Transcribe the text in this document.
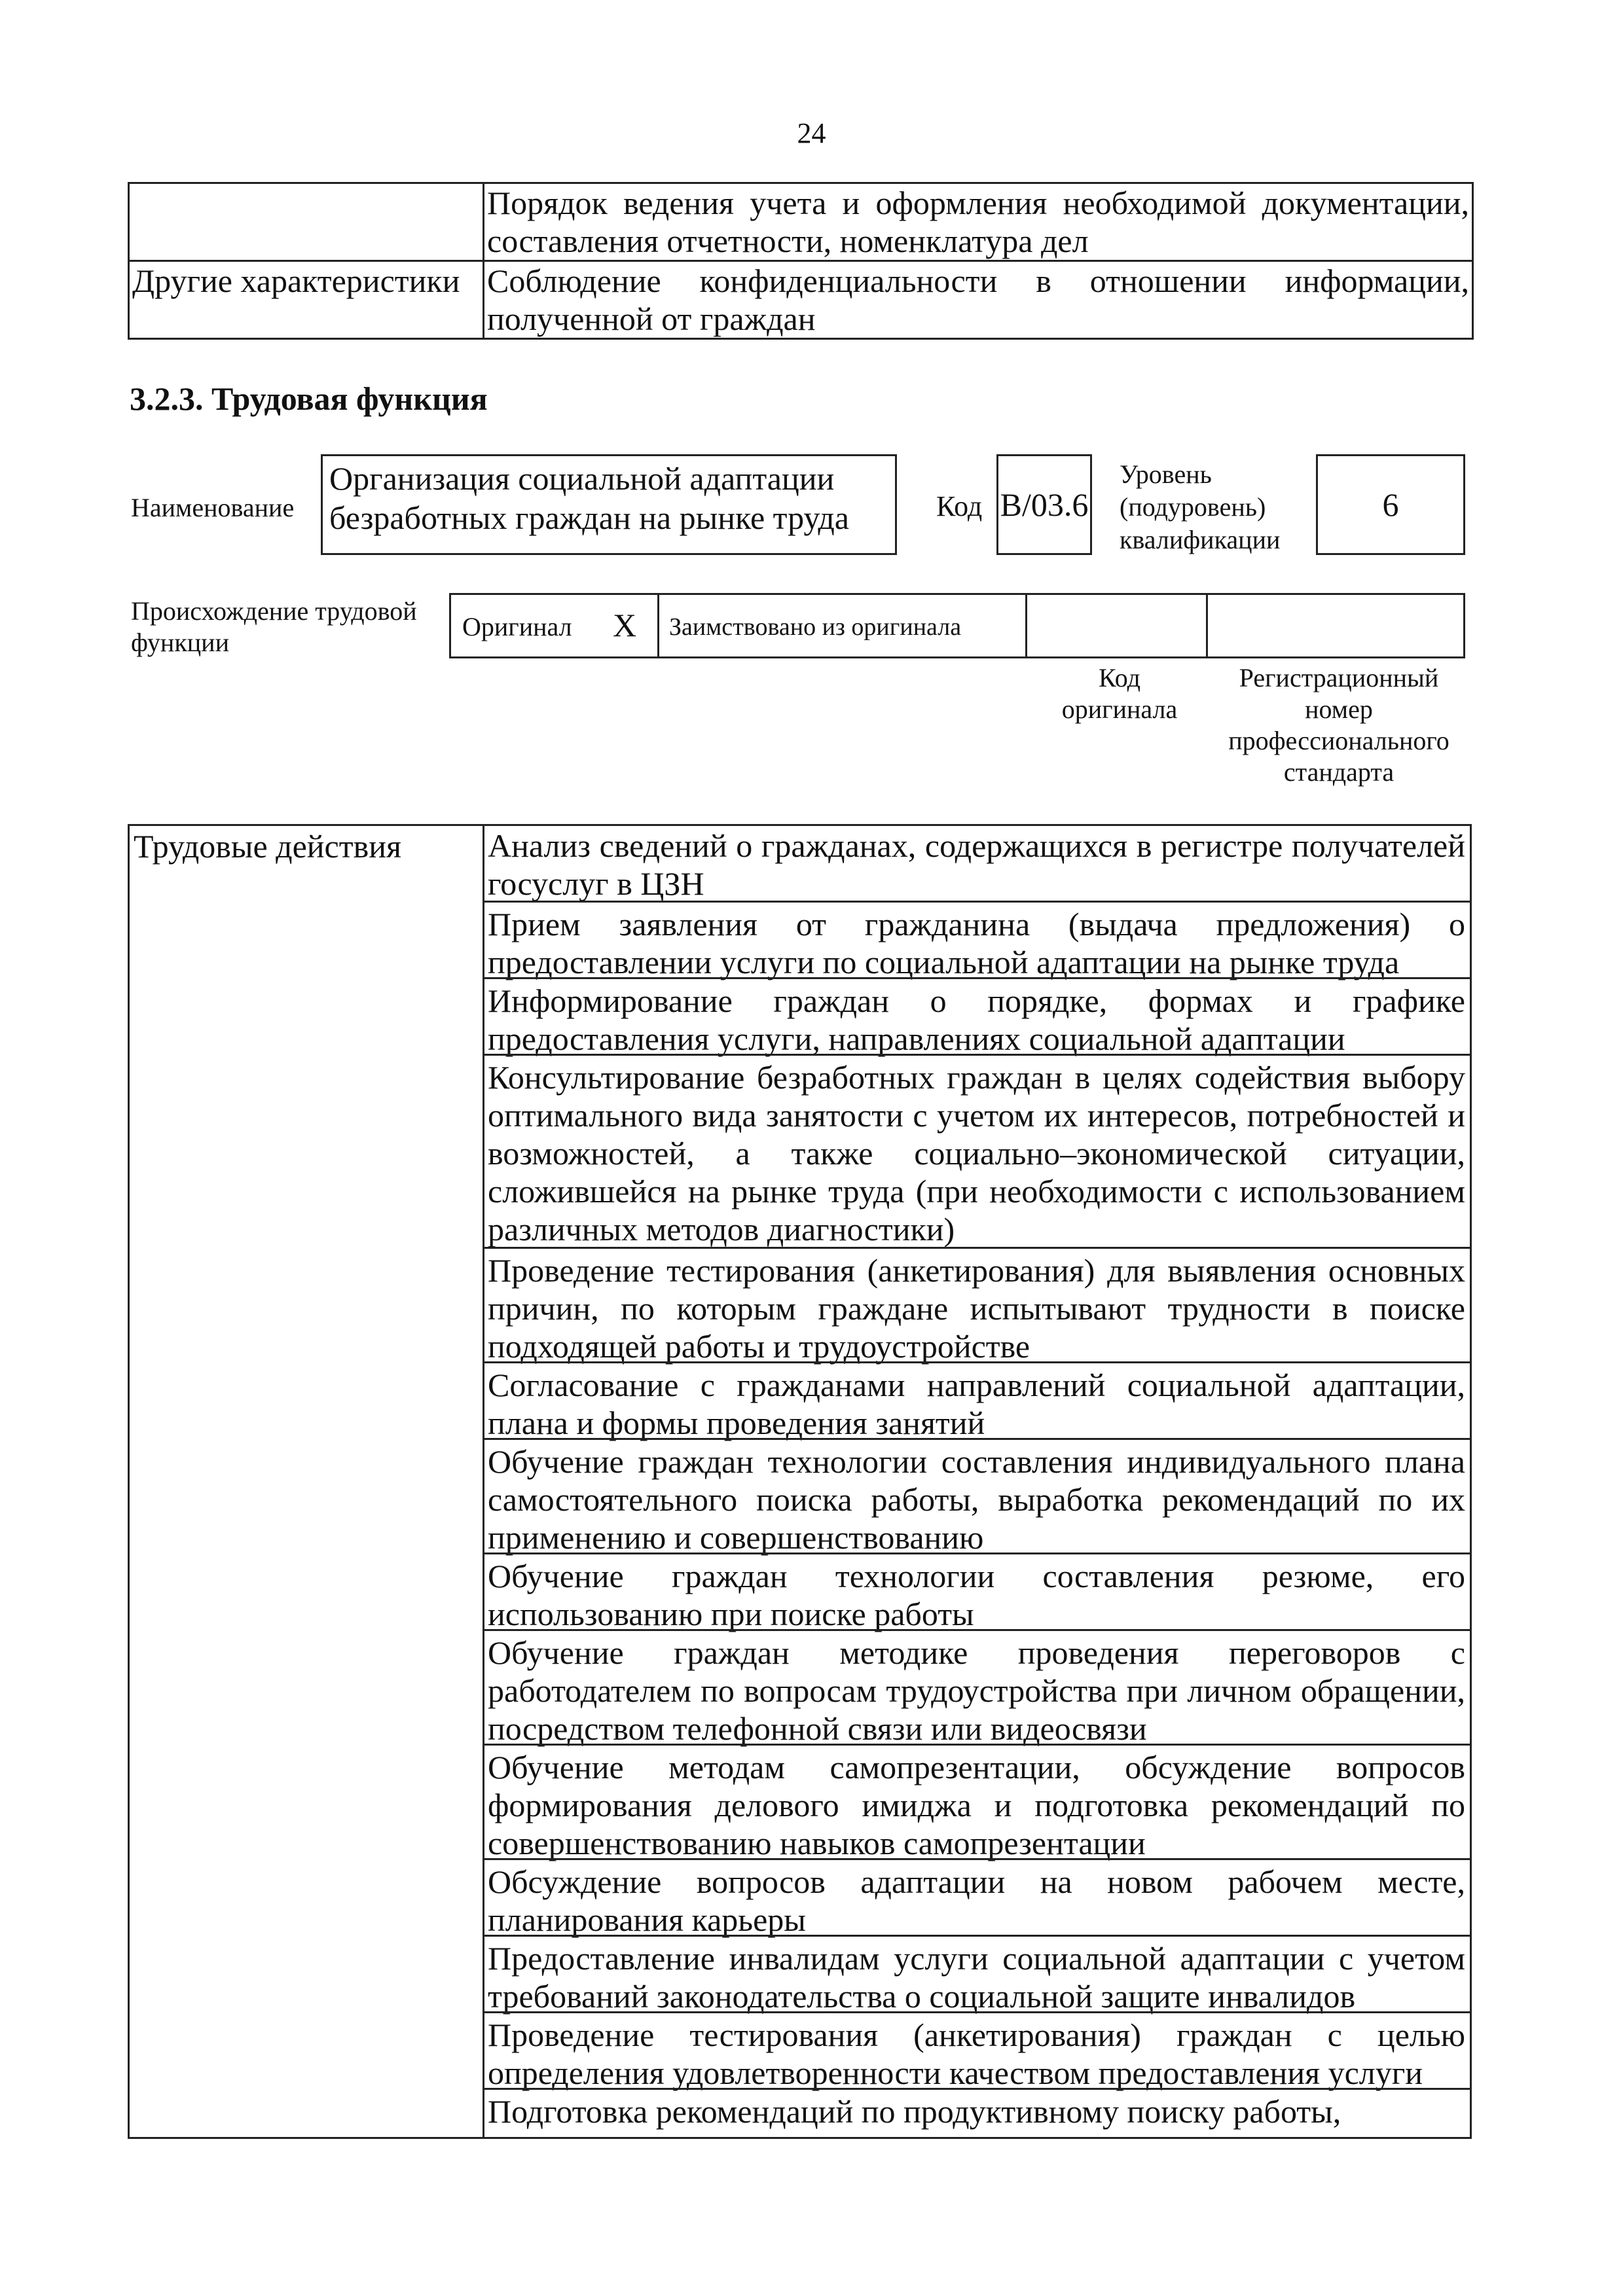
24
	Порядок ведения учета и оформления необходимой документации, составления отчетности, номенклатура дел
Другие характеристики	Соблюдение конфиденциальности в отношении информации, полученной от граждан
3.2.3. Трудовая функция
Наименование
Организация социальной адаптации безработных граждан на рынке труда	Код B/03.6
Уровень (подуровень) квалификации
6
Происхождение трудовой функции
Оригинал X Заимствовано из оригинала
Код оригинала
Регистрационный номер профессионального стандарта
Трудовые действия	Анализ сведений о гражданах, содержащихся в регистре получателей госуслуг в ЦЗН
Прием заявления от гражданина (выдача предложения) о предоставлении услуги по социальной адаптации на рынке труда
Информирование граждан о порядке, формах и графике предоставления услуги, направлениях социальной адаптации
Консультирование безработных граждан в целях содействия выбору оптимального вида занятости с учетом их интересов, потребностей и возможностей, а также социально–экономической ситуации, сложившейся на рынке труда (при необходимости с использованием различных методов диагностики)
Проведение тестирования (анкетирования) для выявления основных причин, по которым граждане испытывают трудности в поиске подходящей работы и трудоустройстве
Согласование с гражданами направлений социальной адаптации, плана и формы проведения занятий
Обучение граждан технологии составления индивидуального плана самостоятельного поиска работы, выработка рекомендаций по их применению и совершенствованию
Обучение граждан технологии составления резюме, его использованию при поиске работы
Обучение граждан методике проведения переговоров с работодателем по вопросам трудоустройства при личном обращении, посредством телефонной связи или видеосвязи
Обучение методам самопрезентации, обсуждение вопросов формирования делового имиджа и подготовка рекомендаций по совершенствованию навыков самопрезентации
Обсуждение вопросов адаптации на новом рабочем месте, планирования карьеры
Предоставление инвалидам услуги социальной адаптации с учетом требований законодательства о социальной защите инвалидов
Проведение тестирования (анкетирования) граждан с целью определения удовлетворенности качеством предоставления услуги
Подготовка рекомендаций по продуктивному поиску работы,
